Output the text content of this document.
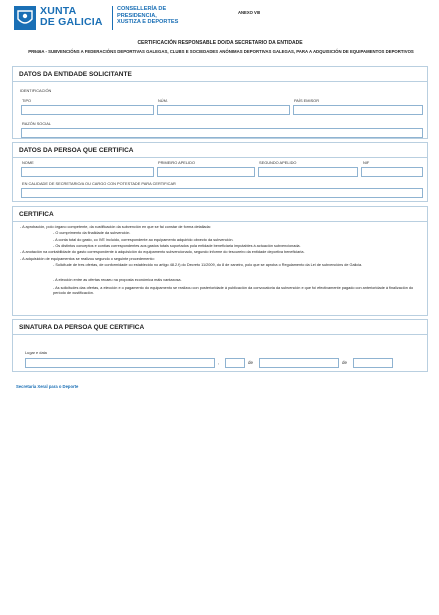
XUNTA
DE GALICIA
CONSELLERÍA DE
PRESIDENCIA,
XUSTIZA E DEPORTES
ANEXO VIII
CERTIFICACIÓN RESPONSABLE DO/DA SECRETARIO DA ENTIDADE
PR946A - SUBVENCIÓNS A FEDERACIÓNS DEPORTIVAS GALEGAS, CLUBS E SOCIEDADES ANÓNIMAS DEPORTIVAS GALEGAS, PARA A ADQUISICIÓN DE EQUIPAMENTOS DEPORTIVOS
DATOS DA ENTIDADE SOLICITANTE
IDENTIFICACIÓN
TIPO	NÚM.	PAÍS EMISOR
RAZÓN SOCIAL
DATOS DA PERSOA QUE CERTIFICA
NOME	PRIMEIRO APELIDO	SEGUNDO APELIDO	NIF
EN CALIDADE DE SECRETARIO/A OU CARGO CON POTESTADE PARA CERTIFICAR
CERTIFICA
- A aprobación, polo órgano competente, da xustificación da subvención en que se fai constar de forma detallada:
- O cumprimento da finalidade da subvención.
- A conta total do gasto, co IVE incluído, correspondente ao equipamento adquirido obxecto da subvención.
- Os distintos conceptos e contías correspondentes aos gastos totais soportados pola entidade beneficiaria imputables á actuación subvencionada.
- A anotación na contabilidade do gasto correspondente á adquisición do equipamento subvencionado, segundo informe do tesoureiro da entidade deportiva beneficiaria.
- A adquisición de equipamentos se realizou segundo o seguinte procedemento:
- Solicitude de tres ofertas, de conformidade co establecido no artigo 48.2.f) do Decreto 11/2009, do 8 de xaneiro, polo que se aproba o Regulamento da Lei de subvencións de Galicia.
- A elección entre as ofertas recaeu na proposta económica máis vantaxosa.
- As solicitudes das ofertas, a elección e o pagamento do equipamento se realizou con posterioridade á publicación da convocatoria da subvención e que foi efectivamente pagado con anterioridade á finalización do período de xustificación.
SINATURA DA PERSOA QUE CERTIFICA
Lugar e data
,	de	de
Secretaría Xeral para o Deporte
